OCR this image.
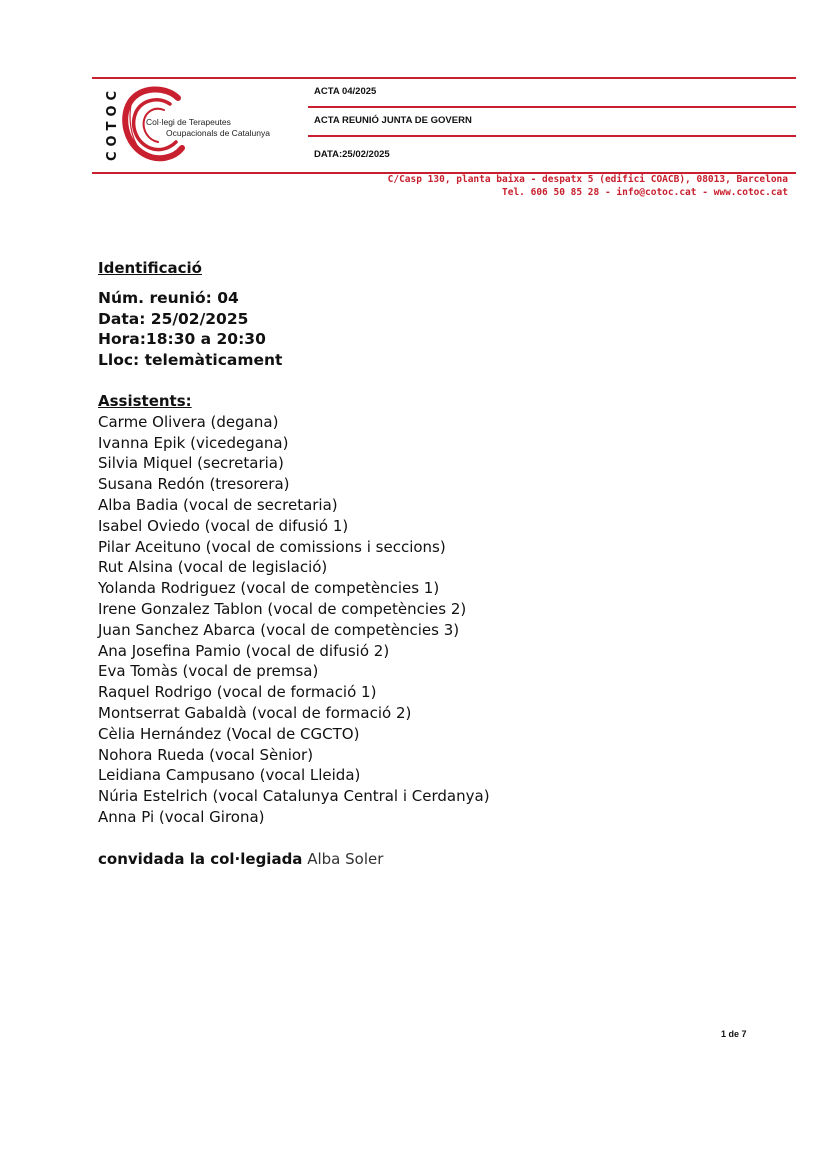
COTOC	Col·legi de Terapeutes
Ocupacionals de Catalunya
ACTA 04/2025
ACTA REUNIÓ JUNTA DE GOVERN
DATA:25/02/2025
C/Casp 130, planta baixa - despatx 5 (edifici COACB), 08013, Barcelona
Tel. 606 50 85 28 - info@cotoc.cat - www.cotoc.cat
Identificació
Núm. reunió: 04
Data: 25/02/2025
Hora:18:30 a 20:30
Lloc: telemàticament
Assistents:
Carme Olivera (degana)
Ivanna Epik (vicedegana)
Silvia Miquel (secretaria)
Susana Redón (tresorera)
Alba Badia (vocal de secretaria)
Isabel Oviedo (vocal de difusió 1)
Pilar Aceituno (vocal de comissions i seccions)
Rut Alsina (vocal de legislació)
Yolanda Rodriguez (vocal de competències 1)
Irene Gonzalez Tablon (vocal de competències 2)
Juan Sanchez Abarca (vocal de competències 3)
Ana Josefina Pamio (vocal de difusió 2)
Eva Tomàs (vocal de premsa)
Raquel Rodrigo (vocal de formació 1)
Montserrat Gabaldà (vocal de formació 2)
Cèlia Hernández (Vocal de CGCTO)
Nohora Rueda (vocal Sènior)
Leidiana Campusano (vocal Lleida)
Núria Estelrich (vocal Catalunya Central i Cerdanya)
Anna Pi (vocal Girona)
convidada la col·legiada Alba Soler
1 de 7
